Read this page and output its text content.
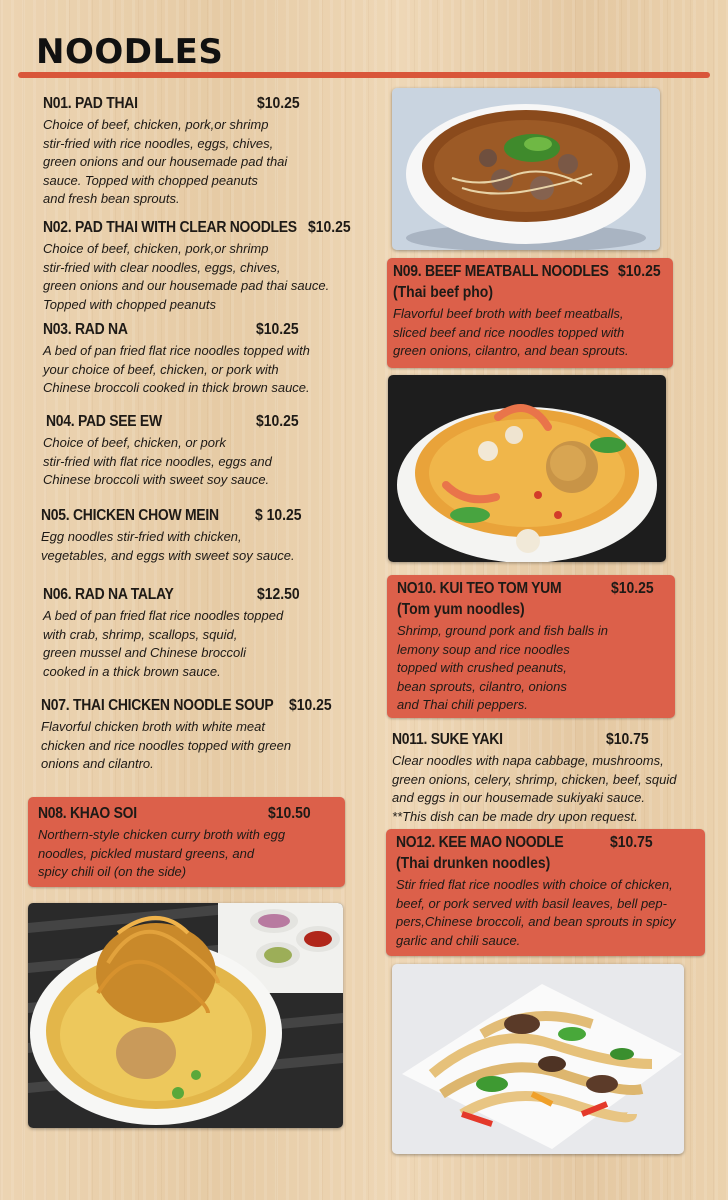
NOODLES
N01. PAD THAI	$10.25
Choice of beef, chicken, pork,or shrimp
stir-fried with rice noodles, eggs, chives,
green onions and our housemade pad thai
sauce. Topped with chopped peanuts
and fresh bean sprouts.
N02. PAD THAI WITH CLEAR NOODLES $10.25
Choice of beef, chicken, pork,or shrimp
stir-fried with clear noodles, eggs, chives,
green onions and our housemade pad thai sauce.
Topped with chopped peanuts
N03. RAD NA	$10.25
A bed of pan fried flat rice noodles topped with
your choice of beef, chicken, or pork with
Chinese broccoli cooked in thick brown sauce.
N04. PAD SEE EW	$10.25
Choice of beef, chicken, or pork
stir-fried with flat rice noodles, eggs and
Chinese broccoli with sweet soy sauce.
N05. CHICKEN CHOW MEIN $ 10.25
Egg noodles stir-fried with chicken,
vegetables, and eggs with sweet soy sauce.
N06. RAD NA TALAY	$12.50
A bed of pan fried flat rice noodles topped
with crab, shrimp, scallops, squid,
green mussel and Chinese broccoli
cooked in a thick brown sauce.
N07. THAI CHICKEN NOODLE SOUP $10.25
Flavorful chicken broth with white meat
chicken and rice noodles topped with green
onions and cilantro.
N08. KHAO SOI	$10.50
Northern-style chicken curry broth with egg
noodles, pickled mustard greens, and
spicy chili oil (on the side)
N09. BEEF MEATBALL NOODLES $10.25
(Thai beef pho)
Flavorful beef broth with beef meatballs,
sliced beef and rice noodles topped with
green onions, cilantro, and bean sprouts.
NO10. KUI TEO TOM YUM	$10.25
(Tom yum noodles)
Shrimp, ground pork and fish balls in
lemony soup and rice noodles
topped with crushed peanuts,
bean sprouts, cilantro, onions
and Thai chili peppers.
N011. SUKE YAKI	$10.75
Clear noodles with napa cabbage, mushrooms,
green onions, celery, shrimp, chicken, beef, squid
and eggs in our housemade sukiyaki sauce.
**This dish can be made dry upon request.
NO12. KEE MAO NOODLE	$10.75
(Thai drunken noodles)
Stir fried flat rice noodles with choice of chicken,
beef, or pork served with basil leaves, bell pep-
pers,Chinese broccoli, and bean sprouts in spicy
garlic and chili sauce.
